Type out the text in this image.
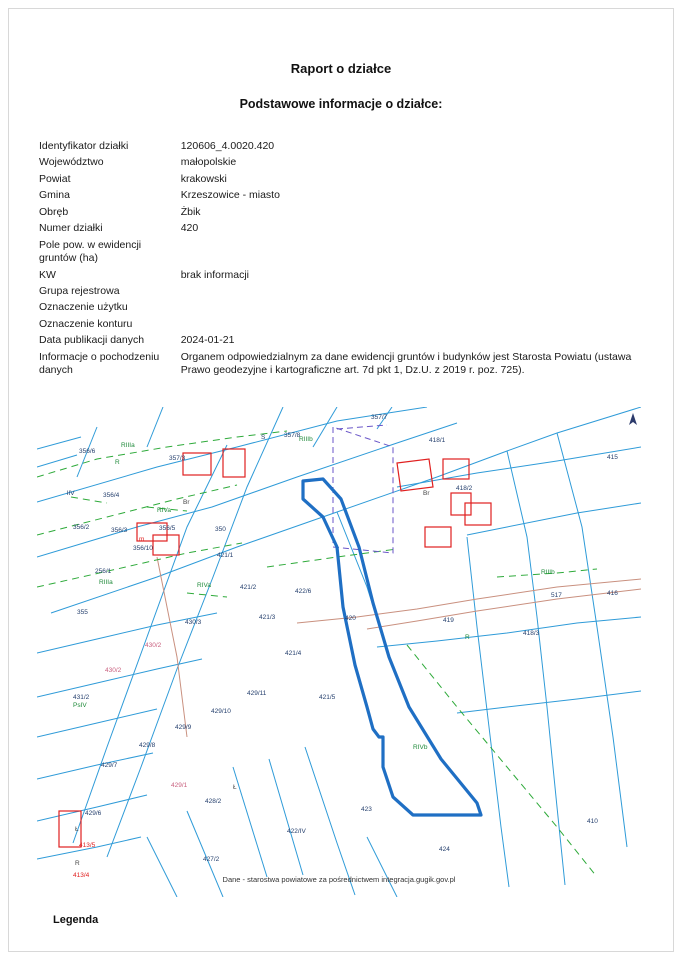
Raport o działce
Podstawowe informacje o działce:
Identyfikator działki	120606_4.0020.420
Województwo	małopolskie
Powiat	krakowski
Gmina	Krzeszowice - miasto
Obręb	Żbik
Numer działki	420
Pole pow. w ewidencji gruntów (ha)	
KW	brak informacji
Grupa rejestrowa	
Oznaczenie użytku	
Oznaczenie konturu	
Data publikacji danych	2024-01-21
Informacje o pochodzeniu danych	Organem odpowiedzialnym za dane ewidencji gruntów i budynków jest Starosta Powiatu (ustawa Prawo geodezyjne i kartograficzne art. 7d pkt 1, Dz.U. z 2019 r. poz. 725).
357/7
357/8
S	RIIIb	418/1
RIIIa
356/6
357/3	415
R
łIV	356/4
418/2
RIVa
Br
Br
356/2	356/3	356/5	350
356/10
m
421/1
256/1
RIIIa
RIIIb
416
421/2
422/6
RIVa
355
430/3
421/3	420	419
517
418/3
R
430/2
421/4
430/2
431/2
PsIV
429/11
421/5
429/10
429/9
429/8	RIVb
429/7
429/1	Ł
428/2
429/6
423
410
Ł	422/IV
413/5
424
427/2
R
413/4	Dane - starostwa powiatowe za pośrednictwem integracja.gugik.gov.pl
Legenda
